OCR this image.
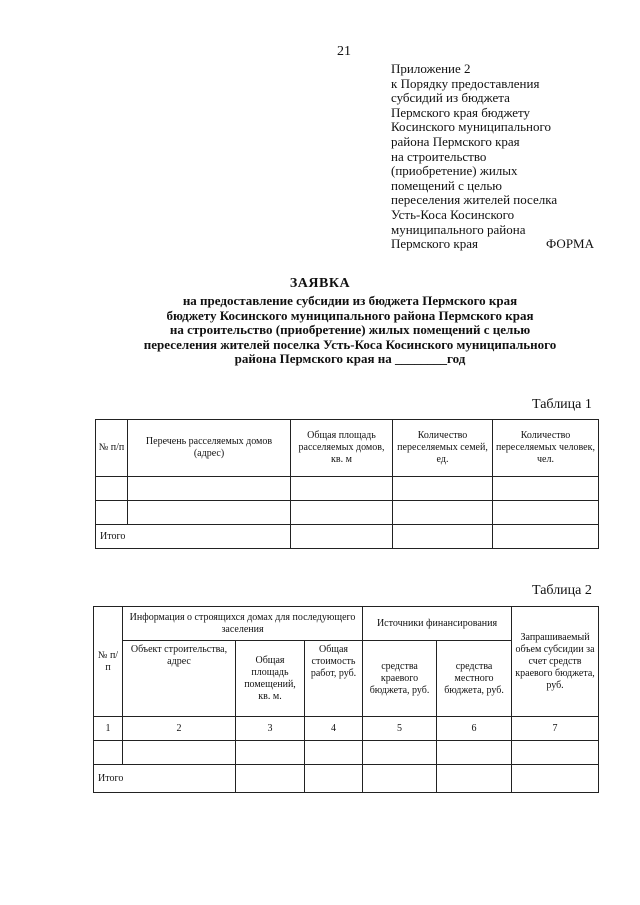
21
Приложение 2
к Порядку предоставления
субсидий из бюджета
Пермского края бюджету
Косинского муниципального
района Пермского края
на строительство
(приобретение) жилых
помещений с целью
переселения жителей поселка
Усть-Коса Косинского
муниципального района
Пермского края	ФОРМА
ЗАЯВКА
на предоставление субсидии из бюджета Пермского края
бюджету Косинского муниципального района Пермского края
на строительство (приобретение) жилых помещений с целью
переселения жителей поселка Усть-Коса Косинского муниципального
района Пермского края на ________год
Таблица 1
№ п/п	Перечень расселяемых домов (адрес)	Общая площадь расселяемых домов, кв. м	Количество переселяемых семей, ед.	Количество переселяемых человек, чел.

Итого				
Таблица 2
№ п/п	Информация о строящихся домах для последующего заселения			Источники финансирования		Запрашиваемый объем субсидии за счет средств краевого бюджета, руб.
	Объект строительства, адрес	Общая площадь помещений, кв. м.	Общая стоимость работ, руб.	средства краевого бюджета, руб.	средства местного бюджета, руб.	
1	2	3	4	5	6	7

Итого						
